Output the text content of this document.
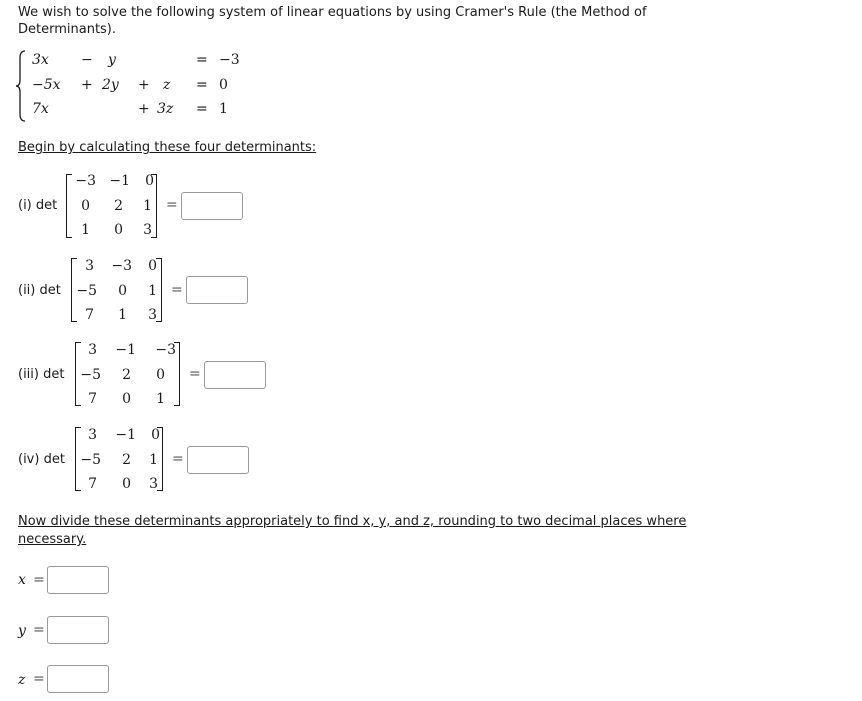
We wish to solve the following system of linear equations by using Cramer's Rule (the Method of Determinants).
3x − y	= −3
−5x + 2y + z = 0
7x	+ 3z = 1
Begin by calculating these four determinants:
(i) det
−3 −1	0
0	2	1
1	0	3
=
(ii) det
3	−3	0
−5	0	1
7	1	3
=
(iii) det
3	−1	−3
−5	2	0
7	0	1
=
(iv) det
3	−1	0
−5	2	1
7	0	3
=
Now divide these determinants appropriately to find x, y, and z, rounding to two decimal places where necessary.
x =
y =
z =
